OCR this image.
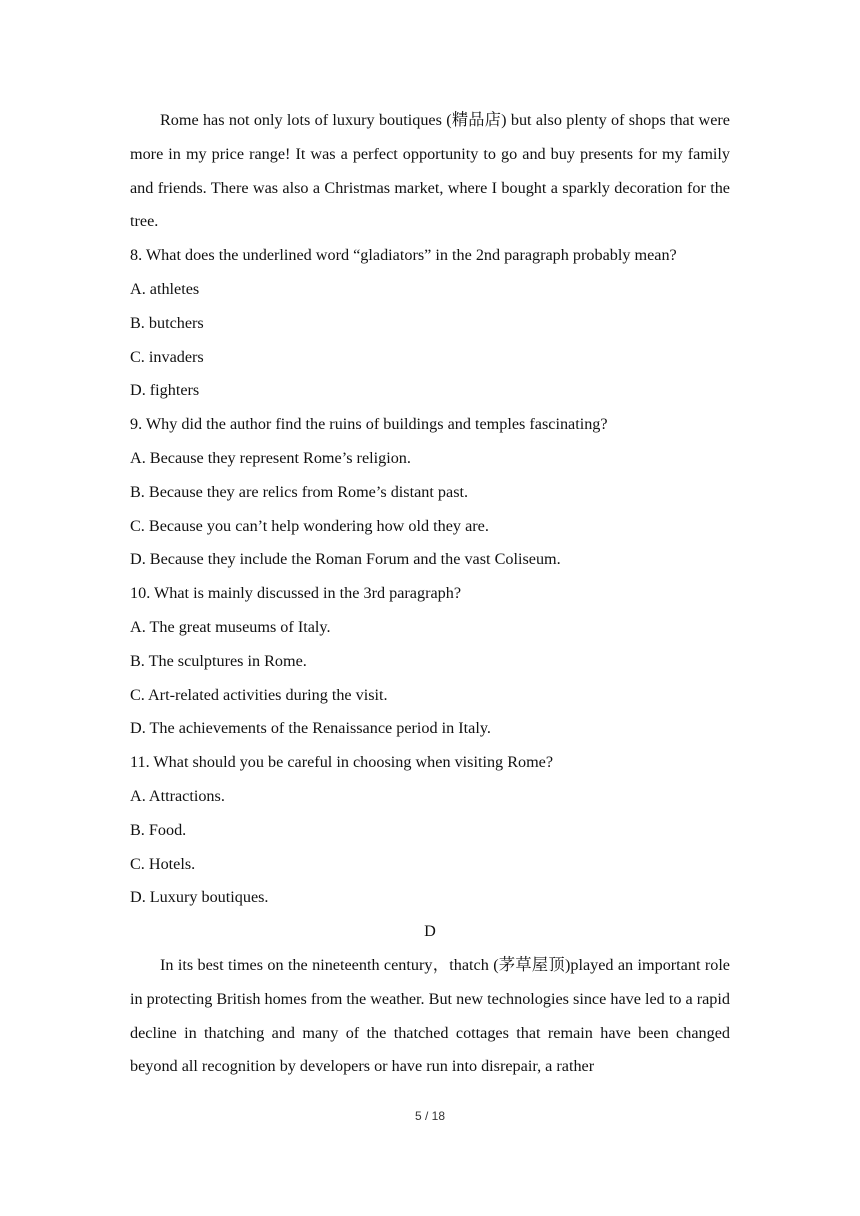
Rome has not only lots of luxury boutiques (精品店) but also plenty of shops that were more in my price range! It was a perfect opportunity to go and buy presents for my family and friends. There was also a Christmas market, where I bought a sparkly decoration for the tree.

8. What does the underlined word “gladiators” in the 2nd paragraph probably mean?

A. athletes

B. butchers

C. invaders

D. fighters

9. Why did the author find the ruins of buildings and temples fascinating?

A. Because they represent Rome’s religion.

B. Because they are relics from Rome’s distant past.

C. Because you can’t help wondering how old they are.

D. Because they include the Roman Forum and the vast Coliseum.

10. What is mainly discussed in the 3rd paragraph?

A. The great museums of Italy.

B. The sculptures in Rome.

C. Art-related activities during the visit.

D. The achievements of the Renaissance period in Italy.

11. What should you be careful in choosing when visiting Rome?

A. Attractions.

B. Food.

C. Hotels.

D. Luxury boutiques.

D

In its best times on the nineteenth century，thatch (茅草屋顶)played an important role in protecting British homes from the weather. But new technologies since have led to a rapid decline in thatching and many of the thatched cottages that remain have been changed beyond all recognition by developers or have run into disrepair, a rather

5 / 18
